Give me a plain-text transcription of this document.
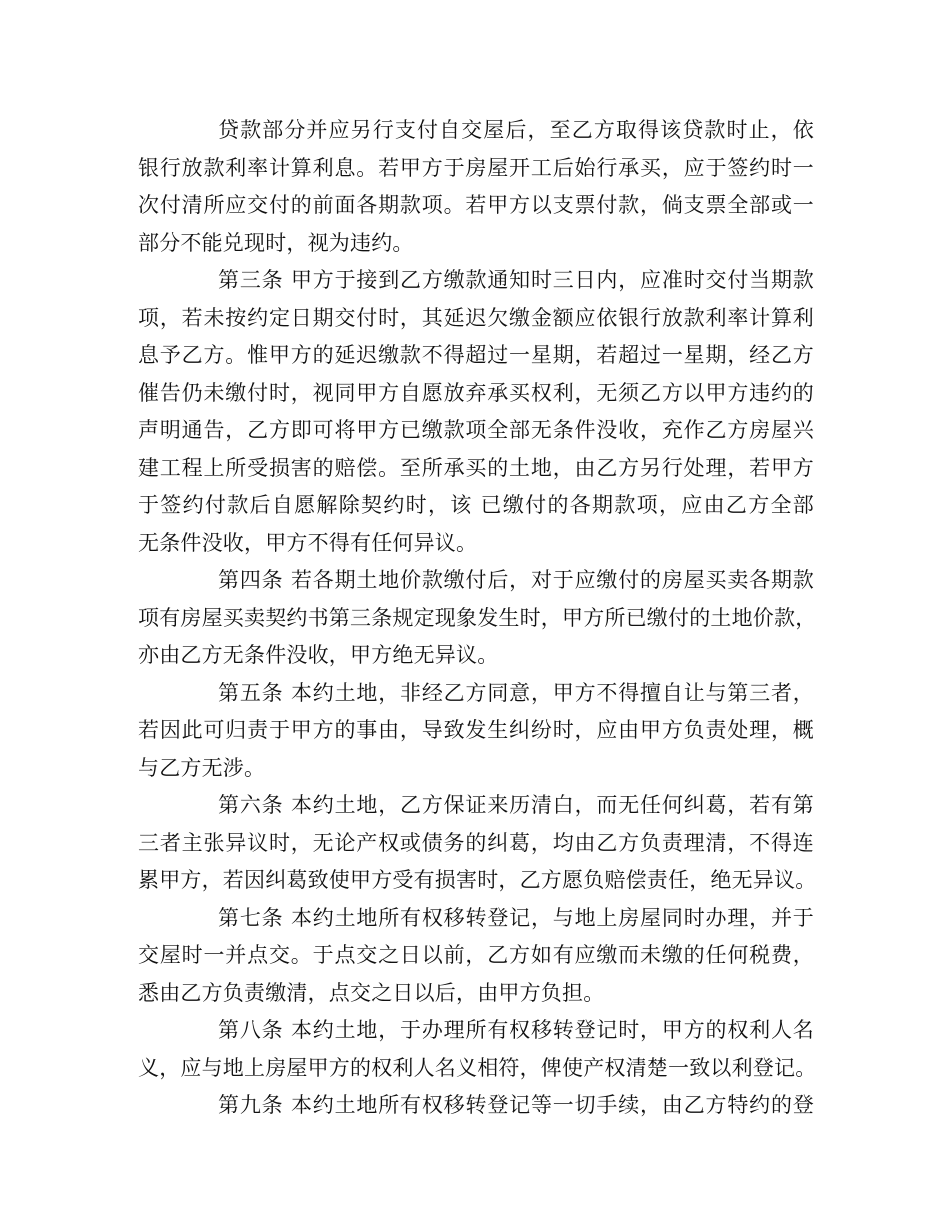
贷款部分并应另行支付自交屋后，至乙方取得该贷款时止，依
银行放款利率计算利息。若甲方于房屋开工后始行承买，应于签约时一
次付清所应交付的前面各期款项。若甲方以支票付款，倘支票全部或一
部分不能兑现时，视为违约。
第三条 甲方于接到乙方缴款通知时三日内，应准时交付当期款
项，若未按约定日期交付时，其延迟欠缴金额应依银行放款利率计算利
息予乙方。惟甲方的延迟缴款不得超过一星期，若超过一星期，经乙方
催告仍未缴付时，视同甲方自愿放弃承买权利，无须乙方以甲方违约的
声明通告，乙方即可将甲方已缴款项全部无条件没收，充作乙方房屋兴
建工程上所受损害的赔偿。至所承买的土地，由乙方另行处理，若甲方
于签约付款后自愿解除契约时，该 已缴付的各期款项，应由乙方全部
无条件没收，甲方不得有任何异议。
第四条 若各期土地价款缴付后，对于应缴付的房屋买卖各期款
项有房屋买卖契约书第三条规定现象发生时，甲方所已缴付的土地价款，
亦由乙方无条件没收，甲方绝无异议。
第五条 本约土地，非经乙方同意，甲方不得擅自让与第三者，
若因此可归责于甲方的事由，导致发生纠纷时，应由甲方负责处理，概
与乙方无涉。
第六条 本约土地，乙方保证来历清白，而无任何纠葛，若有第
三者主张异议时，无论产权或债务的纠葛，均由乙方负责理清，不得连
累甲方，若因纠葛致使甲方受有损害时，乙方愿负赔偿责任，绝无异议。
第七条 本约土地所有权移转登记，与地上房屋同时办理，并于
交屋时一并点交。于点交之日以前，乙方如有应缴而未缴的任何税费，
悉由乙方负责缴清，点交之日以后，由甲方负担。
第八条 本约土地，于办理所有权移转登记时，甲方的权利人名
义，应与地上房屋甲方的权利人名义相符，俾使产权清楚一致以利登记。
第九条 本约土地所有权移转登记等一切手续，由乙方特约的登
